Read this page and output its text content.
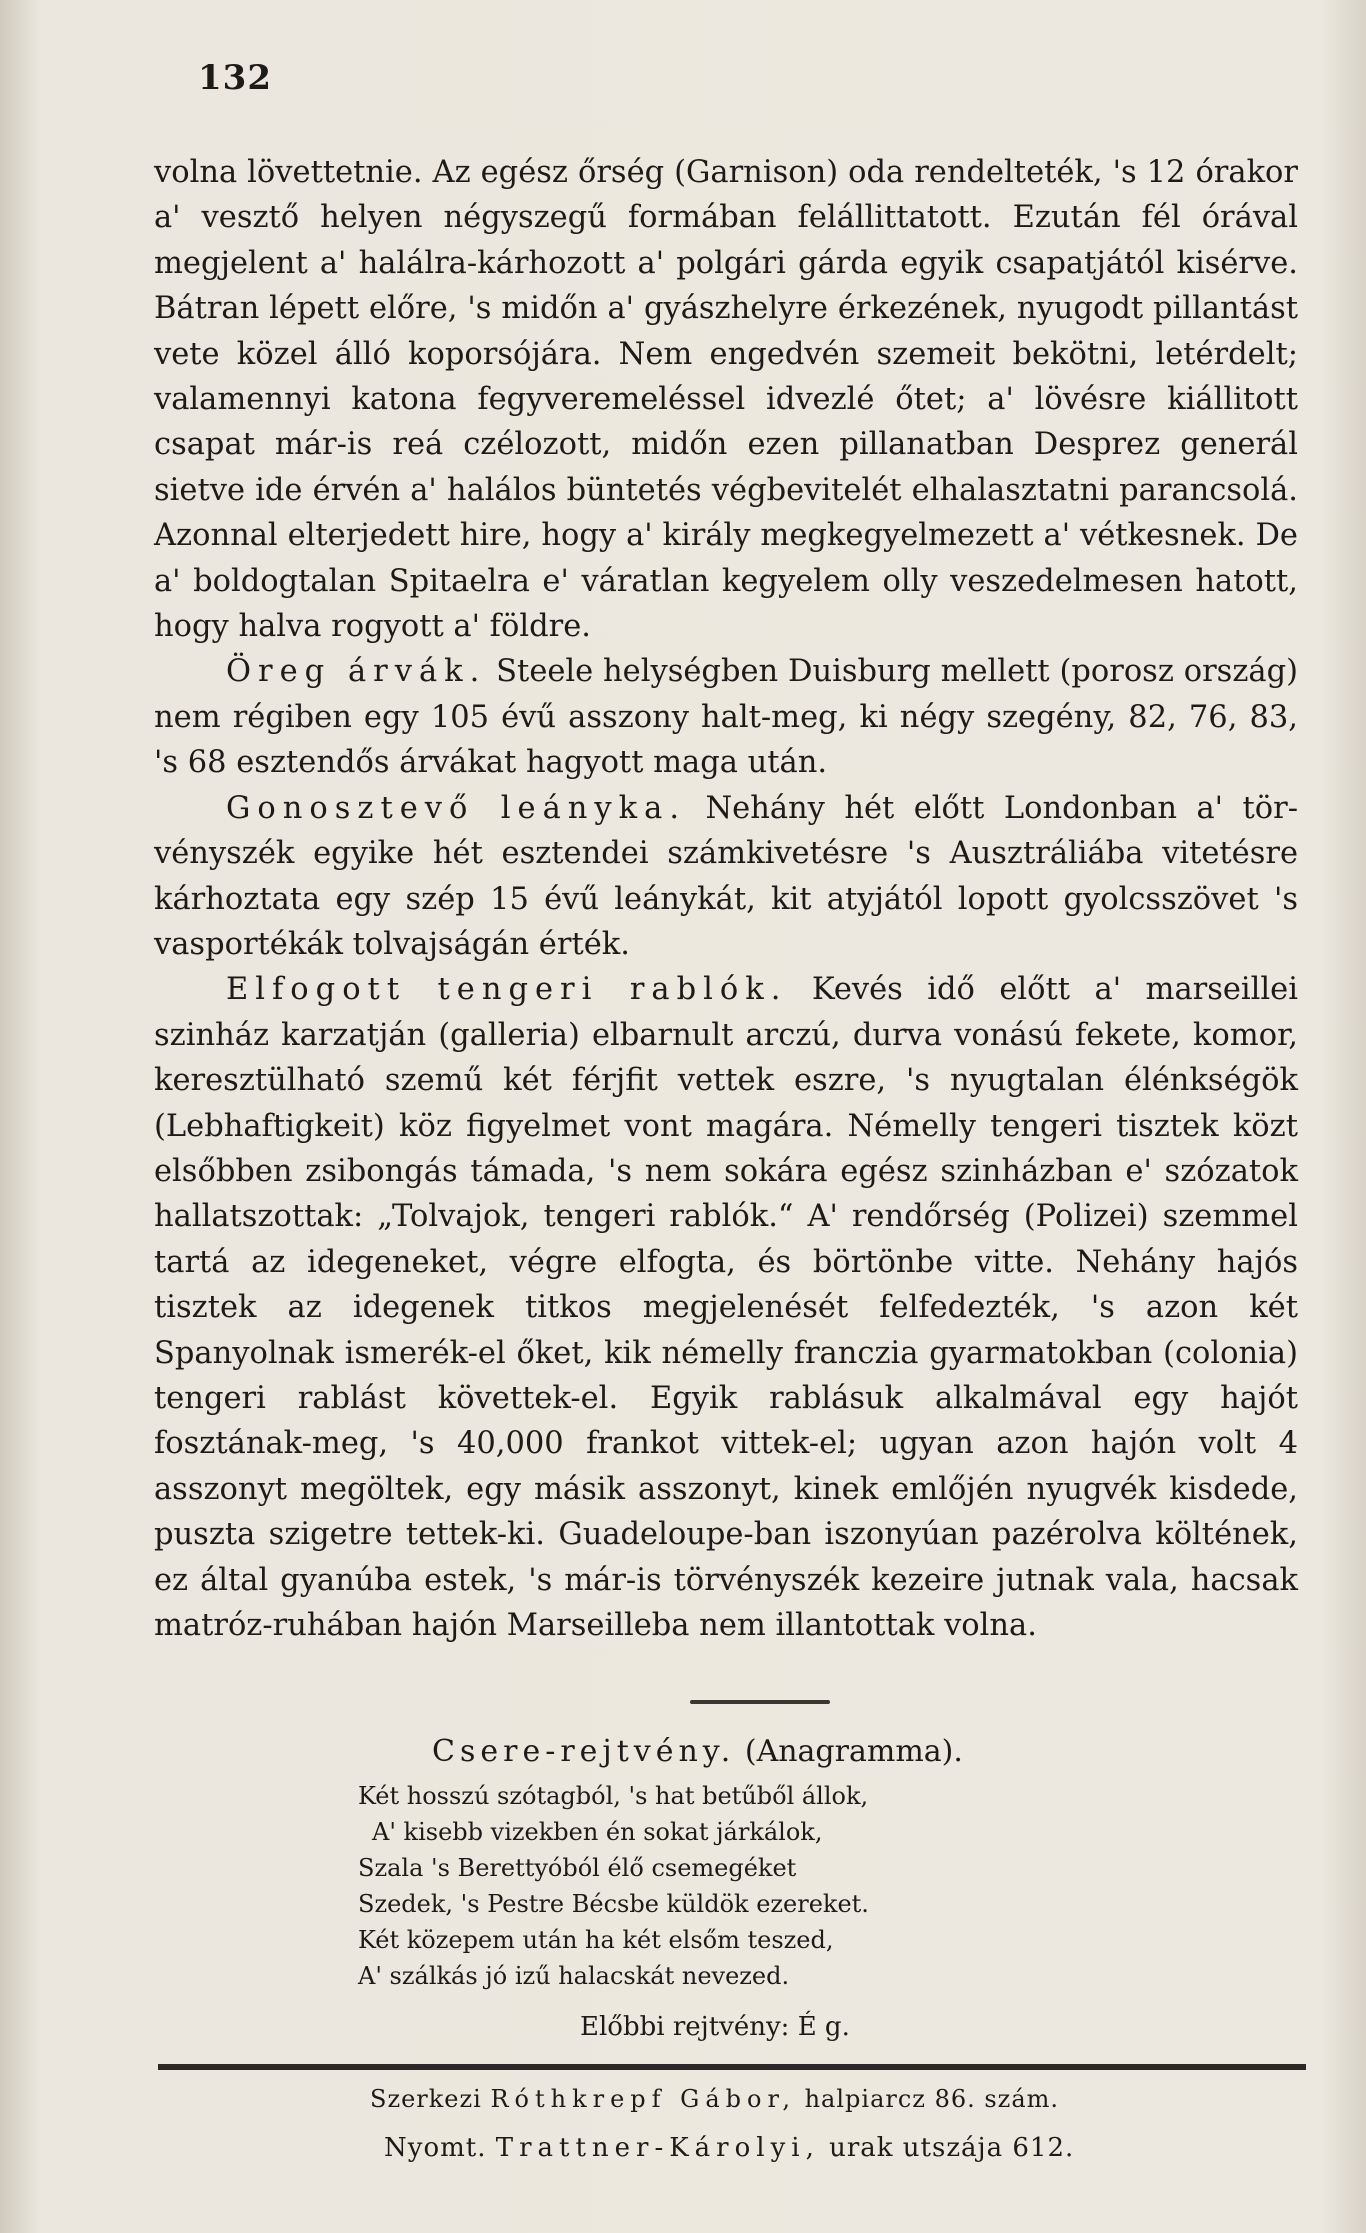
132

volna lövettetnie. Az egész őrség (Garnison) oda rendelteték, 's 12 órakor a' vesztő helyen négyszegű formában felállittatott. Ezután fél órával megjelent a' halálra-kárhozott a' polgári gárda egyik csapatjától kisérve. Bátran lépett előre, 's midőn a' gyászhelyre érkezének, nyugodt pillantást vete közel álló koporsójára. Nem engedvén szemeit bekötni, letérdelt; valamennyi katona fegyveremeléssel idvezlé őtet; a' lövésre kiállitott csapat már-is reá czélozott, midőn ezen pillanatban Desprez generál sietve ide érvén a' halálos büntetés végbevitelét elhalasztatni parancsolá. Azonnal elterjedett hire, hogy a' király megkegyelmezett a' vétkesnek. De a' boldogtalan Spitaelra e' váratlan kegyelem olly veszedelmesen hatott, hogy halva rogyott a' földre.

Öreg árvák. Steele helységben Duisburg mellett (porosz ország) nem régiben egy 105 évű asszony halt-meg, ki négy szegény, 82, 76, 83, 's 68 esztendős árvákat hagyott maga után.

Gonosztevő leányka. Nehány hét előtt Londonban a' törvényszék egyike hét esztendei számkivetésre 's Ausztráliába vitetésre kárhoztata egy szép 15 évű leánykát, kit atyjától lopott gyolcsszövet 's vasportékák tolvajságán érték.

Elfogott tengeri rablók. Kevés idő előtt a' marseillei szinház karzatján (galleria) elbarnult arczú, durva vonású fekete, komor, keresztülható szemű két férjfit vettek eszre, 's nyugtalan élénkségök (Lebhaftigkeit) köz figyelmet vont magára. Némelly tengeri tisztek közt elsőbben zsibongás támada, 's nem sokára egész szinházban e' szózatok hallatszottak: „Tolvajok, tengeri rablók.“ A' rendőrség (Polizei) szemmel tartá az idegeneket, végre elfogta, és börtönbe vitte. Nehány hajós tisztek az idegenek titkos megjelenését felfedezték, 's azon két Spanyolnak ismerék-el őket, kik némelly franczia gyarmatokban (colonia) tengeri rablást követtek-el. Egyik rablásuk alkalmával egy hajót fosztának-meg, 's 40,000 frankot vittek-el; ugyan azon hajón volt 4 asszonyt megöltek, egy másik asszonyt, kinek emlőjén nyugvék kisdede, puszta szigetre tettek-ki. Guadeloupe-ban iszonyúan pazérolva költének, ez által gyanúba estek, 's már-is törvényszék kezeire jutnak vala, hacsak matróz-ruhában hajón Marseilleba nem illantottak volna.

Csere-rejtvény. (Anagramma).
Két hosszú szótagból, 's hat betűből állok,
A' kisebb vizekben én sokat járkálok,
Szala 's Berettyóból élő csemegéket
Szedek, 's Pestre Bécsbe küldök ezereket.
Két közepem után ha két elsőm teszed,
A' szálkás jó izű halacskát nevezed.
Előbbi rejtvény: É g.
Szerkezi Róthkrepf Gábor, halpiarcz 86. szám.
Nyomt. Trattner-Károlyi, urak utszája 612.
